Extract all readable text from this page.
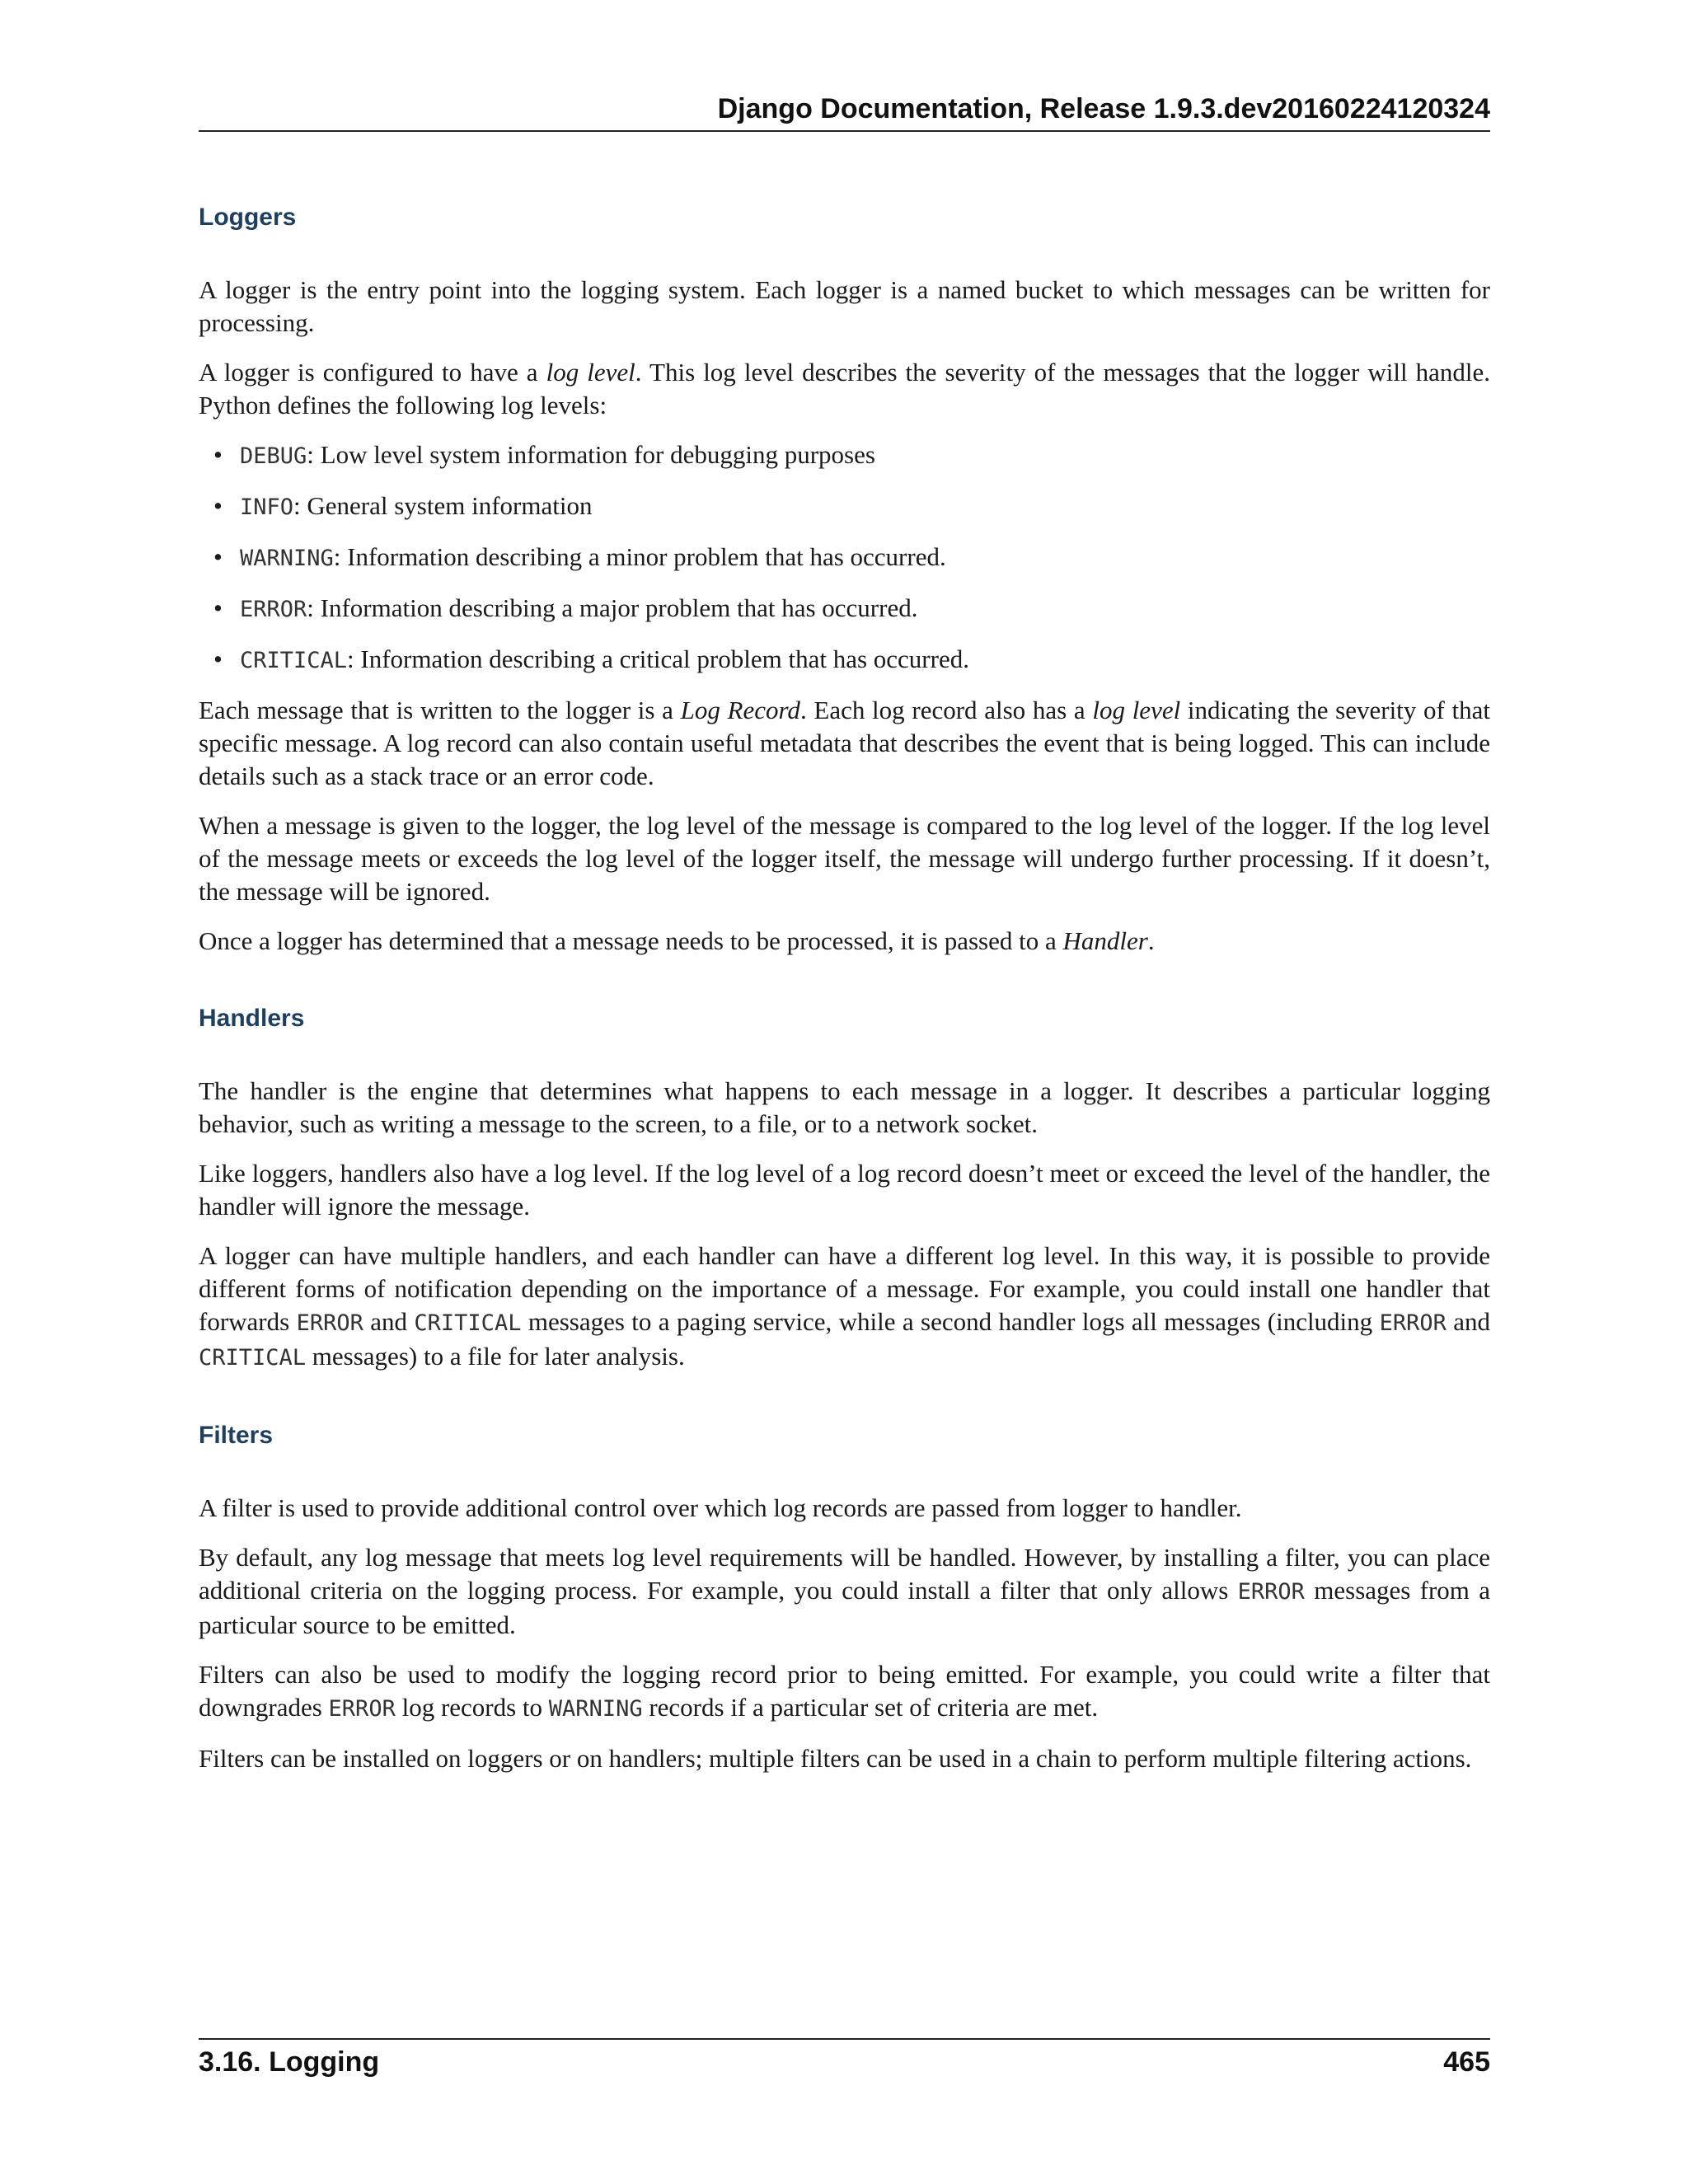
Django Documentation, Release 1.9.3.dev20160224120324
Loggers

A logger is the entry point into the logging system. Each logger is a named bucket to which messages can be written for processing.

A logger is configured to have a log level. This log level describes the severity of the messages that the logger will handle. Python defines the following log levels:

• DEBUG: Low level system information for debugging purposes
• INFO: General system information
• WARNING: Information describing a minor problem that has occurred.
• ERROR: Information describing a major problem that has occurred.
• CRITICAL: Information describing a critical problem that has occurred.

Each message that is written to the logger is a Log Record. Each log record also has a log level indicating the severity of that specific message. A log record can also contain useful metadata that describes the event that is being logged. This can include details such as a stack trace or an error code.

When a message is given to the logger, the log level of the message is compared to the log level of the logger. If the log level of the message meets or exceeds the log level of the logger itself, the message will undergo further processing. If it doesn’t, the message will be ignored.

Once a logger has determined that a message needs to be processed, it is passed to a Handler.

Handlers

The handler is the engine that determines what happens to each message in a logger. It describes a particular logging behavior, such as writing a message to the screen, to a file, or to a network socket.

Like loggers, handlers also have a log level. If the log level of a log record doesn’t meet or exceed the level of the handler, the handler will ignore the message.

A logger can have multiple handlers, and each handler can have a different log level. In this way, it is possible to provide different forms of notification depending on the importance of a message. For example, you could install one handler that forwards ERROR and CRITICAL messages to a paging service, while a second handler logs all messages (including ERROR and CRITICAL messages) to a file for later analysis.

Filters

A filter is used to provide additional control over which log records are passed from logger to handler.

By default, any log message that meets log level requirements will be handled. However, by installing a filter, you can place additional criteria on the logging process. For example, you could install a filter that only allows ERROR messages from a particular source to be emitted.

Filters can also be used to modify the logging record prior to being emitted. For example, you could write a filter that downgrades ERROR log records to WARNING records if a particular set of criteria are met.

Filters can be installed on loggers or on handlers; multiple filters can be used in a chain to perform multiple filtering actions.

3.16. Logging	465
